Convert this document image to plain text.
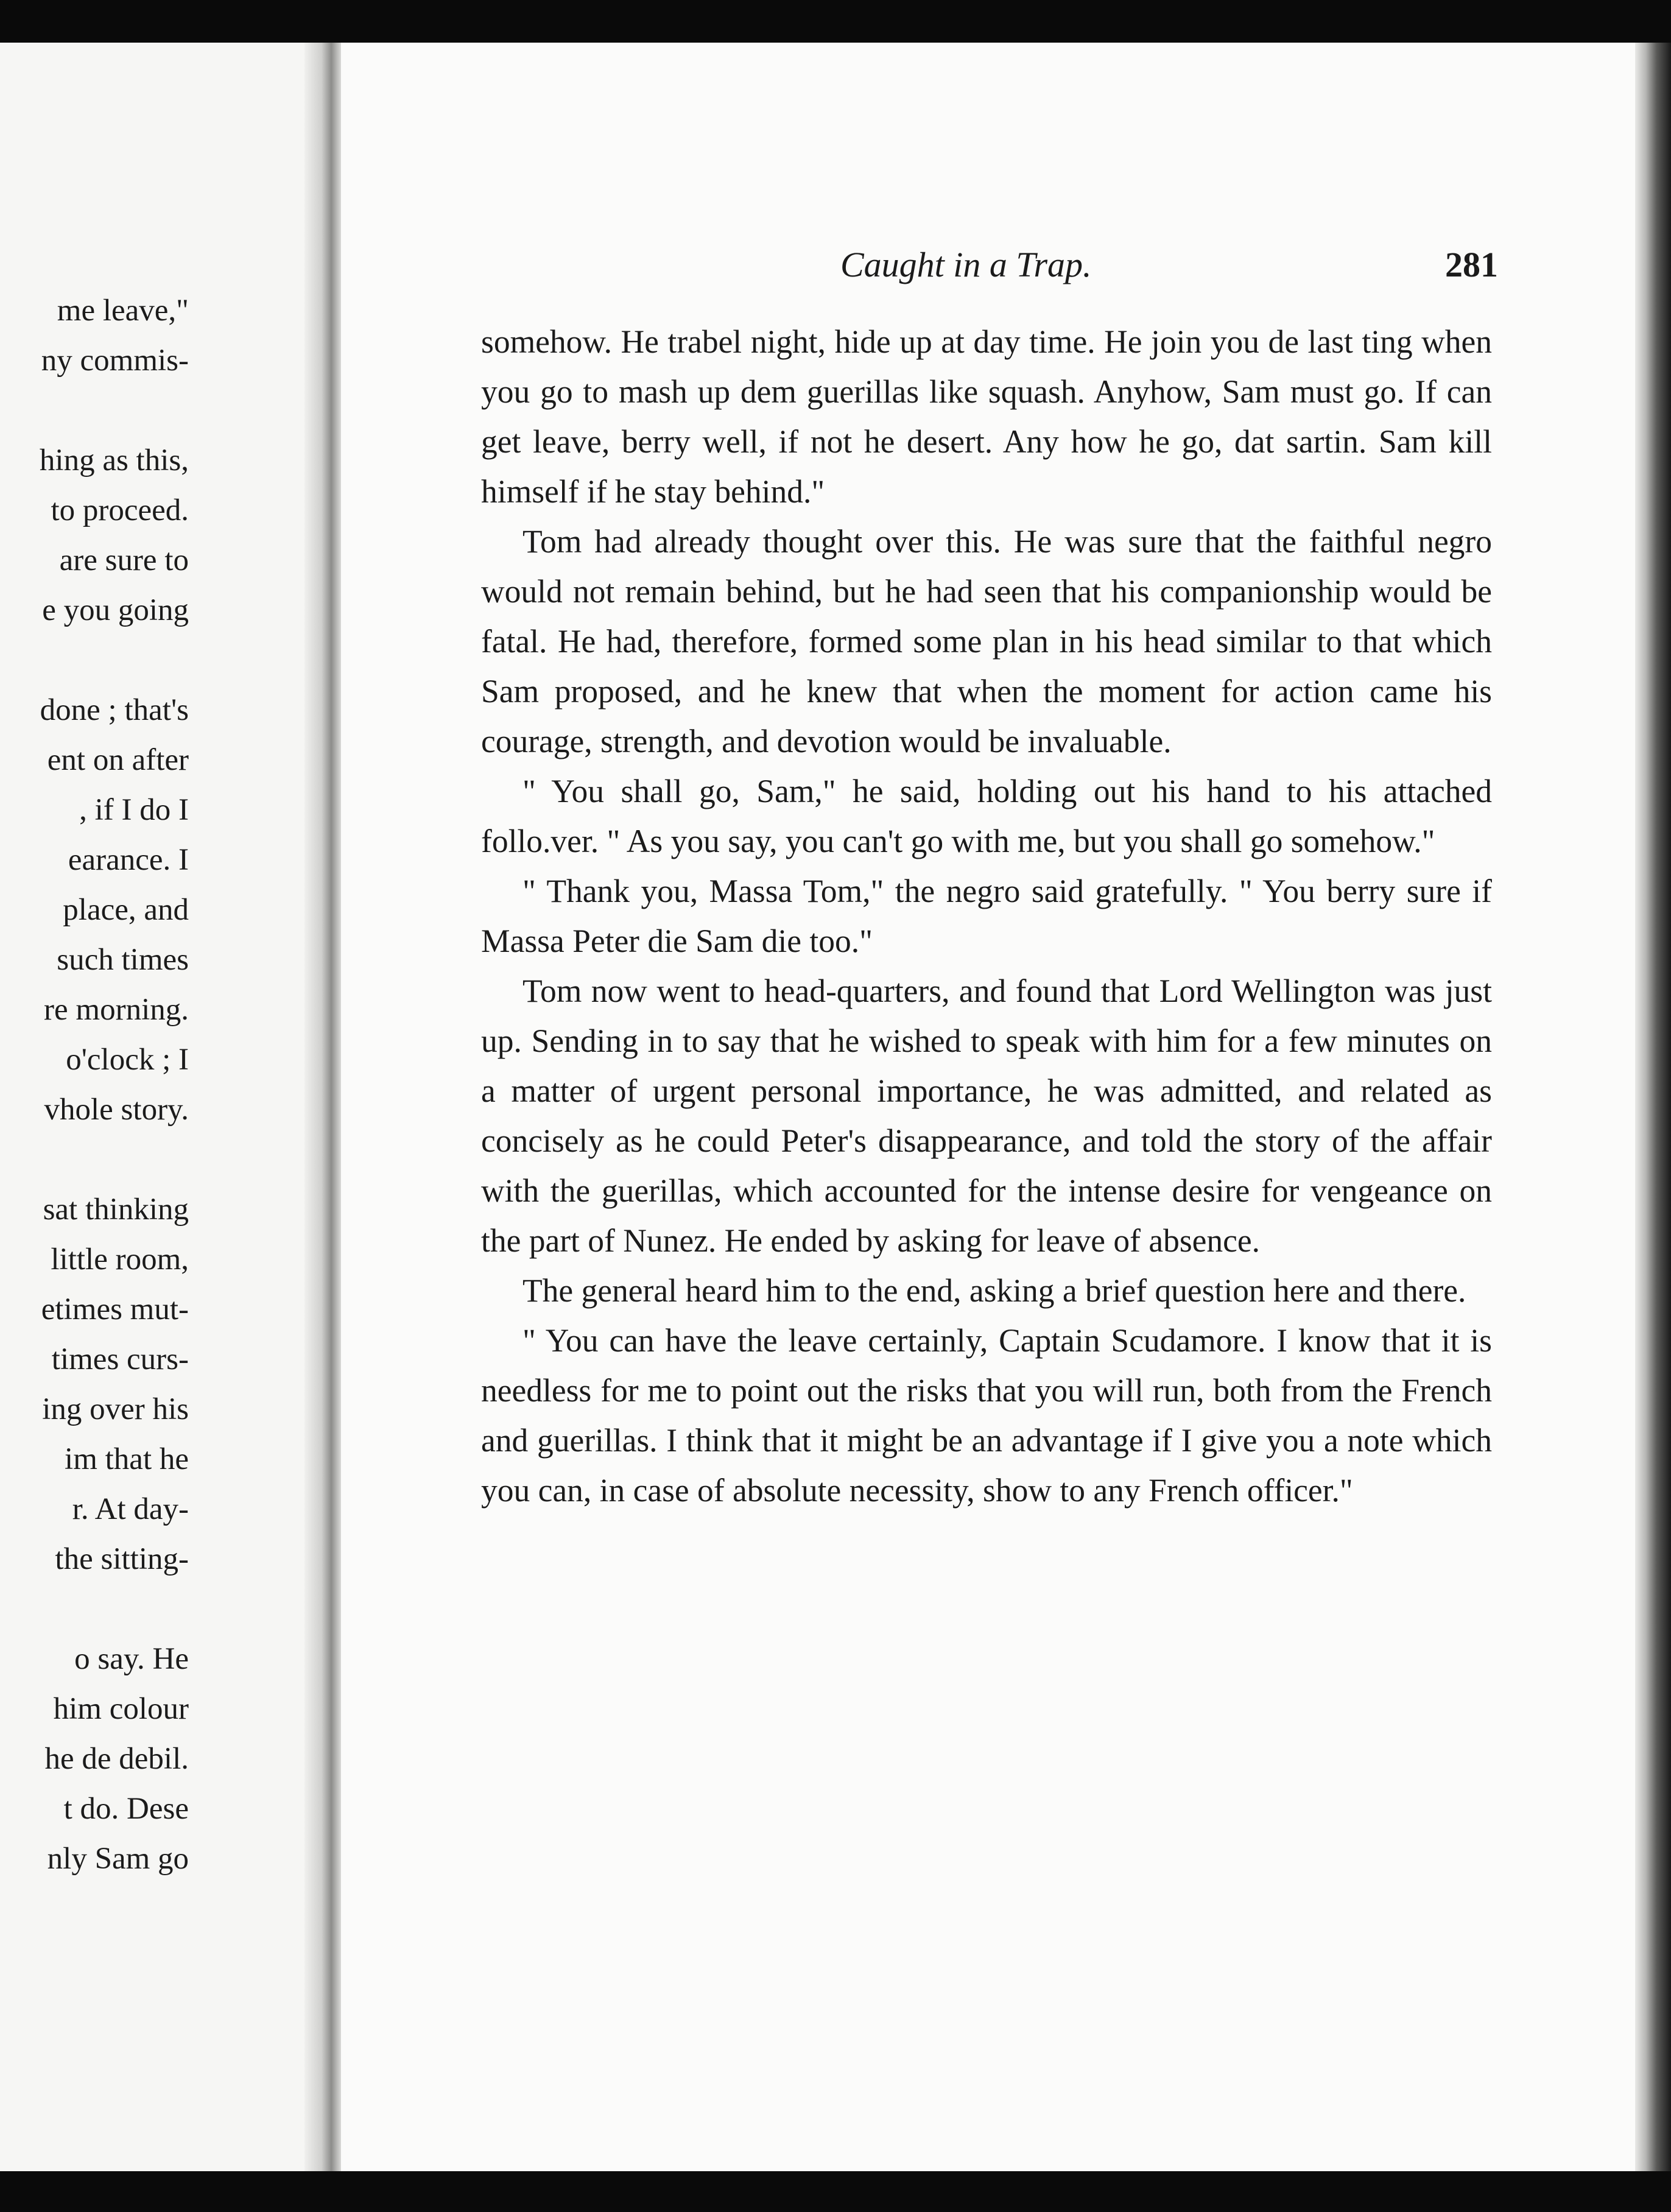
me leave,"
ny commis-
hing as this,
to proceed.
are sure to
e you going
done ; that's
ent on after
, if I do I
earance. I
place, and
such times
re morning.
o'clock ; I
vhole story.
sat thinking
little room,
etimes mut-
times curs-
ing over his
im that he
r. At day-
the sitting-
o say. He
him colour
he de debil.
t do. Dese
nly Sam go
Caught in a Trap.	281

somehow. He trabel night, hide up at day time. He join you de last ting when you go to mash up dem guerillas like squash. Anyhow, Sam must go. If can get leave, berry well, if not he desert. Any how he go, dat sartin. Sam kill himself if he stay behind."

Tom had already thought over this. He was sure that the faithful negro would not remain behind, but he had seen that his companionship would be fatal. He had, therefore, formed some plan in his head similar to that which Sam proposed, and he knew that when the moment for action came his courage, strength, and devotion would be invaluable.

" You shall go, Sam," he said, holding out his hand to his attached follo.ver. " As you say, you can't go with me, but you shall go somehow."

" Thank you, Massa Tom," the negro said gratefully. " You berry sure if Massa Peter die Sam die too."

Tom now went to head-quarters, and found that Lord Wellington was just up. Sending in to say that he wished to speak with him for a few minutes on a matter of urgent personal importance, he was admitted, and related as concisely as he could Peter's disappearance, and told the story of the affair with the guerillas, which accounted for the intense desire for vengeance on the part of Nunez. He ended by asking for leave of absence.

The general heard him to the end, asking a brief question here and there.

" You can have the leave certainly, Captain Scudamore. I know that it is needless for me to point out the risks that you will run, both from the French and guerillas. I think that it might be an advantage if I give you a note which you can, in case of absolute necessity, show to any French officer."
